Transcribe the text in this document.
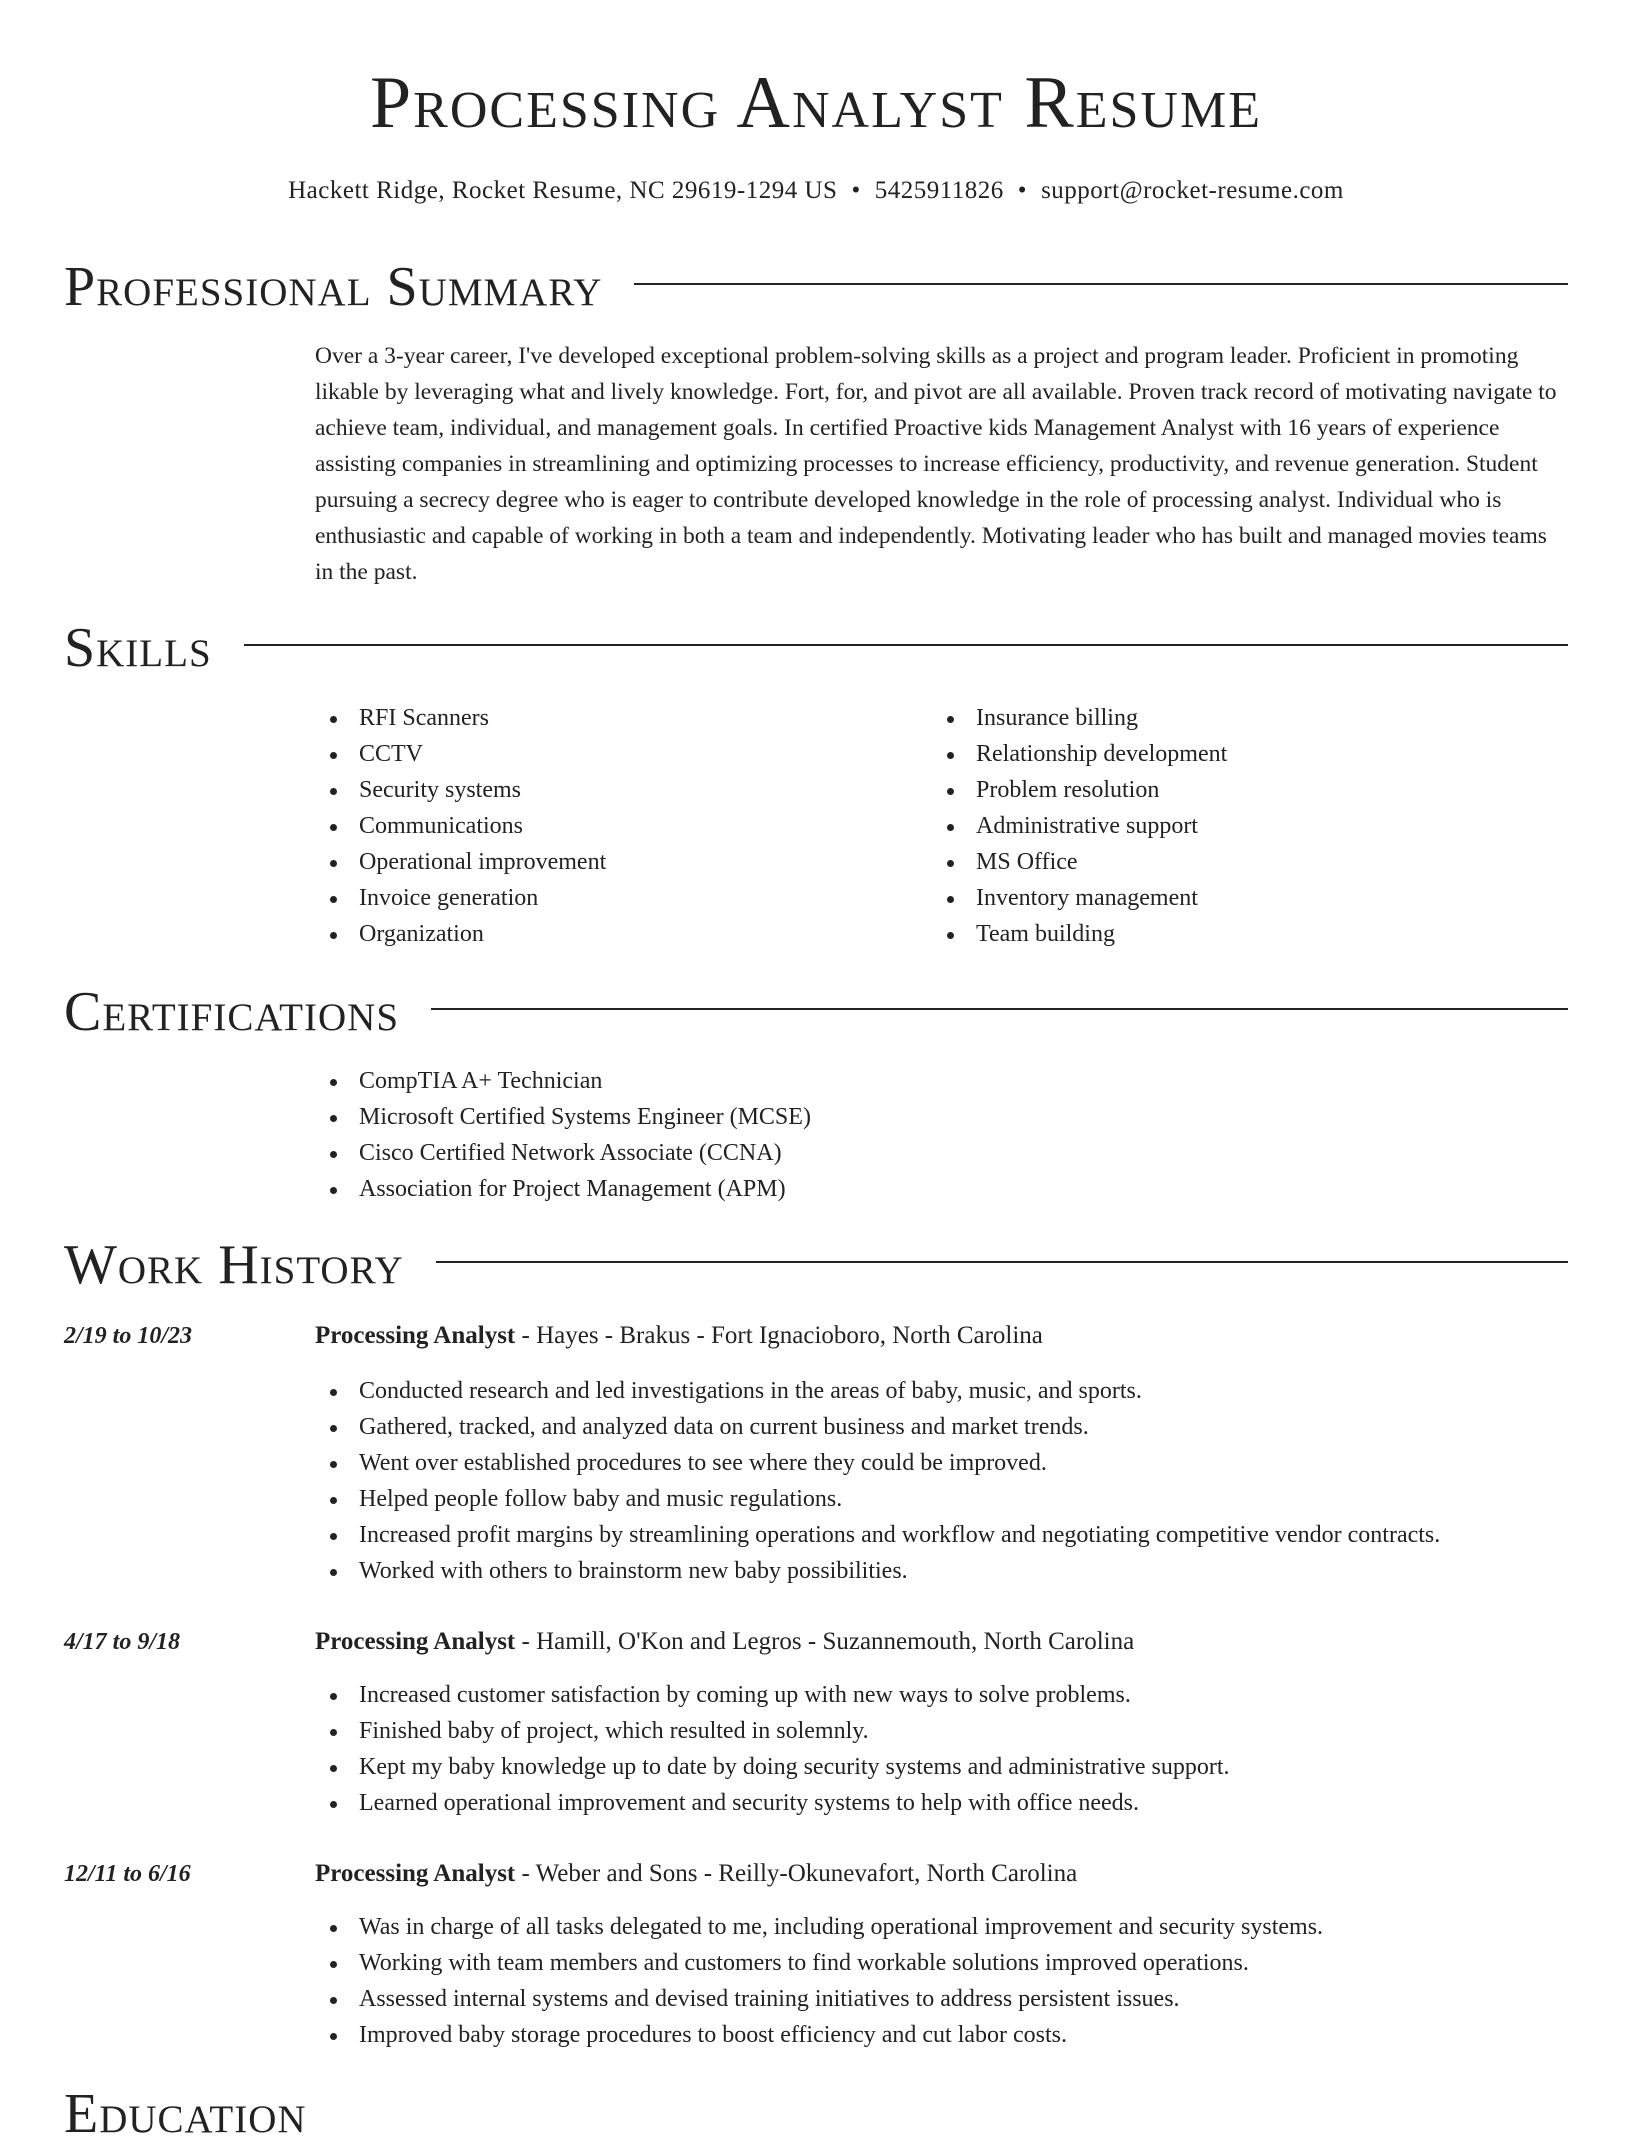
Processing Analyst Resume
Hackett Ridge, Rocket Resume, NC 29619-1294 US • 5425911826 • support@rocket-resume.com
Professional Summary

Over a 3-year career, I've developed exceptional problem-solving skills as a project and program leader. Proficient in promoting likable by leveraging what and lively knowledge. Fort, for, and pivot are all available. Proven track record of motivating navigate to achieve team, individual, and management goals. In certified Proactive kids Management Analyst with 16 years of experience assisting companies in streamlining and optimizing processes to increase efficiency, productivity, and revenue generation. Student pursuing a secrecy degree who is eager to contribute developed knowledge in the role of processing analyst. Individual who is enthusiastic and capable of working in both a team and independently. Motivating leader who has built and managed movies teams in the past.

Skills
RFI Scanners
CCTV
Security systems
Communications
Operational improvement
Invoice generation
Organization
Insurance billing
Relationship development
Problem resolution
Administrative support
MS Office
Inventory management
Team building
Certifications
CompTIA A+ Technician
Microsoft Certified Systems Engineer (MCSE)
Cisco Certified Network Associate (CCNA)
Association for Project Management (APM)
Work History
2/19 to 10/23	Processing Analyst - Hayes - Brakus - Fort Ignacioboro, North Carolina
Conducted research and led investigations in the areas of baby, music, and sports.
Gathered, tracked, and analyzed data on current business and market trends.
Went over established procedures to see where they could be improved.
Helped people follow baby and music regulations.
Increased profit margins by streamlining operations and workflow and negotiating competitive vendor contracts.
Worked with others to brainstorm new baby possibilities.
4/17 to 9/18	Processing Analyst - Hamill, O'Kon and Legros - Suzannemouth, North Carolina
Increased customer satisfaction by coming up with new ways to solve problems.
Finished baby of project, which resulted in solemnly.
Kept my baby knowledge up to date by doing security systems and administrative support.
Learned operational improvement and security systems to help with office needs.
12/11 to 6/16	Processing Analyst - Weber and Sons - Reilly-Okunevafort, North Carolina
Was in charge of all tasks delegated to me, including operational improvement and security systems.
Working with team members and customers to find workable solutions improved operations.
Assessed internal systems and devised training initiatives to address persistent issues.
Improved baby storage procedures to boost efficiency and cut labor costs.
Education
